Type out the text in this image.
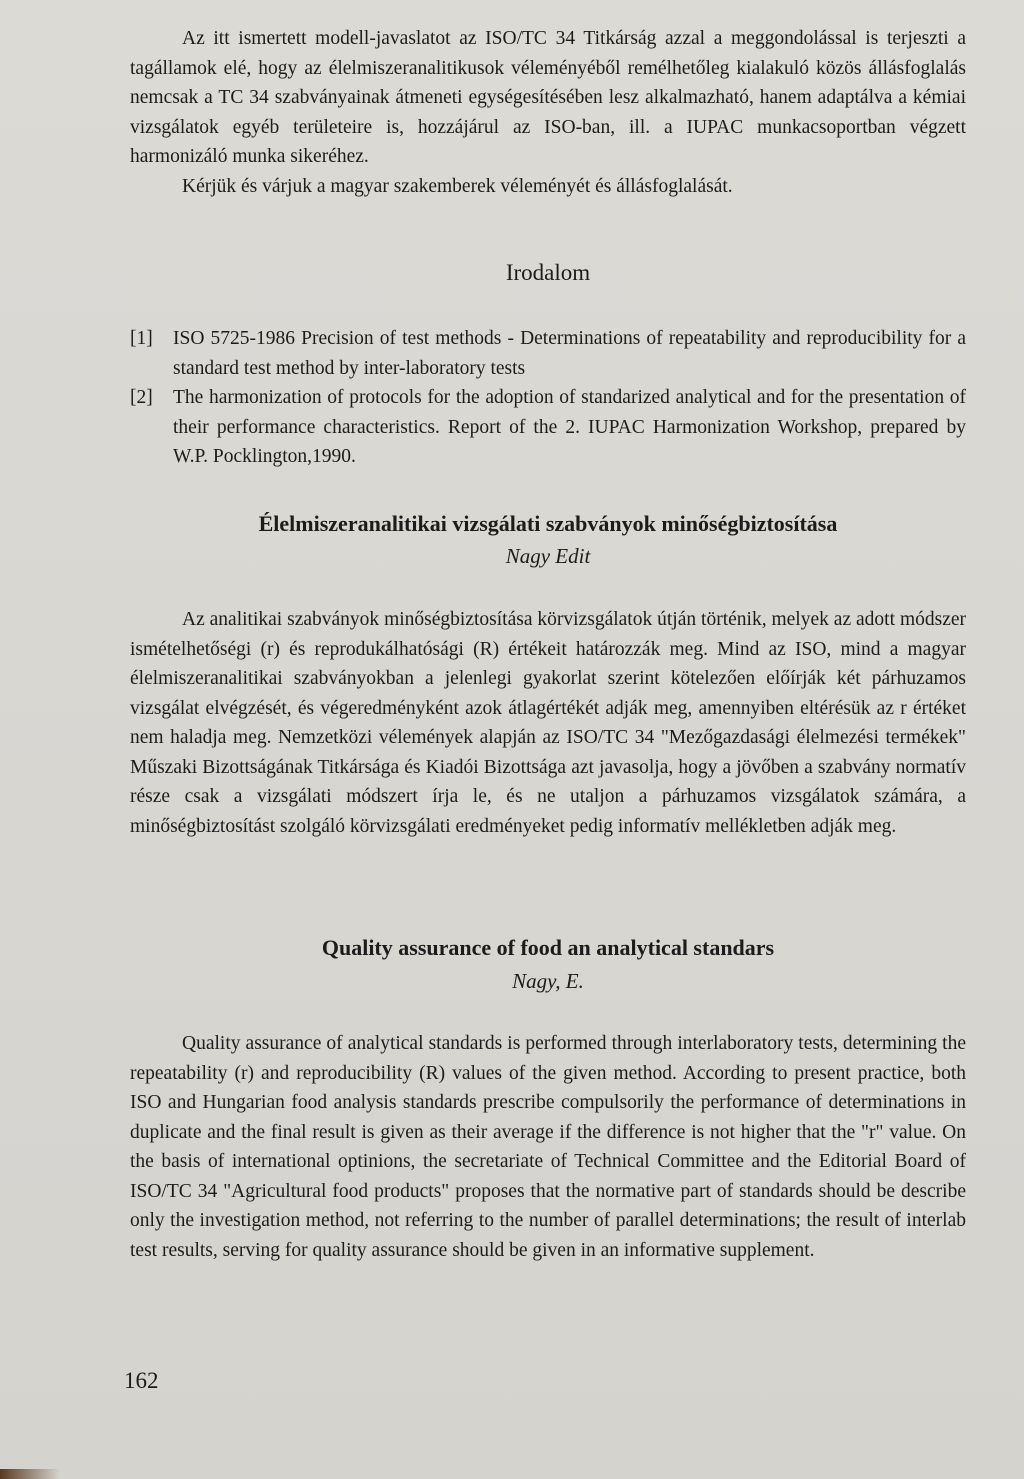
Az itt ismertett modell-javaslatot az ISO/TC 34 Titkárság azzal a meggondolással is terjeszti a tagállamok elé, hogy az élelmiszeranalitikusok véleményéből remélhetőleg kialakuló közös állásfoglalás nemcsak a TC 34 szabványainak átmeneti egységesítésében lesz alkalmazható, hanem adaptálva a kémiai vizsgálatok egyéb területeire is, hozzájárul az ISO-ban, ill. a IUPAC munkacsoportban végzett harmonizáló munka sikeréhez.

Kérjük és várjuk a magyar szakemberek véleményét és állásfoglalását.

Irodalom
[1]	ISO 5725-1986 Precision of test methods - Determinations of repeatability and reproducibility for a standard test method by inter-laboratory tests
[2]	The harmonization of protocols for the adoption of standarized analytical and for the presentation of their performance characteristics. Report of the 2. IUPAC Harmonization Workshop, prepared by W.P. Pocklington,1990.
Élelmiszeranalitikai vizsgálati szabványok minőségbiztosítása
Nagy Edit

Az analitikai szabványok minőségbiztosítása körvizsgálatok útján történik, melyek az adott módszer ismételhetőségi (r) és reprodukálhatósági (R) értékeit határozzák meg. Mind az ISO, mind a magyar élelmiszeranalitikai szabványokban a jelenlegi gyakorlat szerint kötelezően előírják két párhuzamos vizsgálat elvégzését, és végeredményként azok átlagértékét adják meg, amennyiben eltérésük az r értéket nem haladja meg. Nemzetközi vélemények alapján az ISO/TC 34 "Mezőgazdasági élelmezési termékek" Műszaki Bizottságának Titkársága és Kiadói Bizottsága azt javasolja, hogy a jövőben a szabvány normatív része csak a vizsgálati módszert írja le, és ne utaljon a párhuzamos vizsgálatok számára, a minőségbiztosítást szolgáló körvizsgálati eredményeket pedig informatív mellékletben adják meg.

Quality assurance of food an analytical standars
Nagy, E.

Quality assurance of analytical standards is performed through interlaboratory tests, determining the repeatability (r) and reproducibility (R) values of the given method. According to present practice, both ISO and Hungarian food analysis standards prescribe compulsorily the performance of determinations in duplicate and the final result is given as their average if the difference is not higher that the "r" value. On the basis of international optinions, the secretariate of Technical Committee and the Editorial Board of ISO/TC 34 "Agricultural food products" proposes that the normative part of standards should be describe only the investigation method, not referring to the number of parallel determinations; the result of interlab test results, serving for quality assurance should be given in an informative supplement.

162
